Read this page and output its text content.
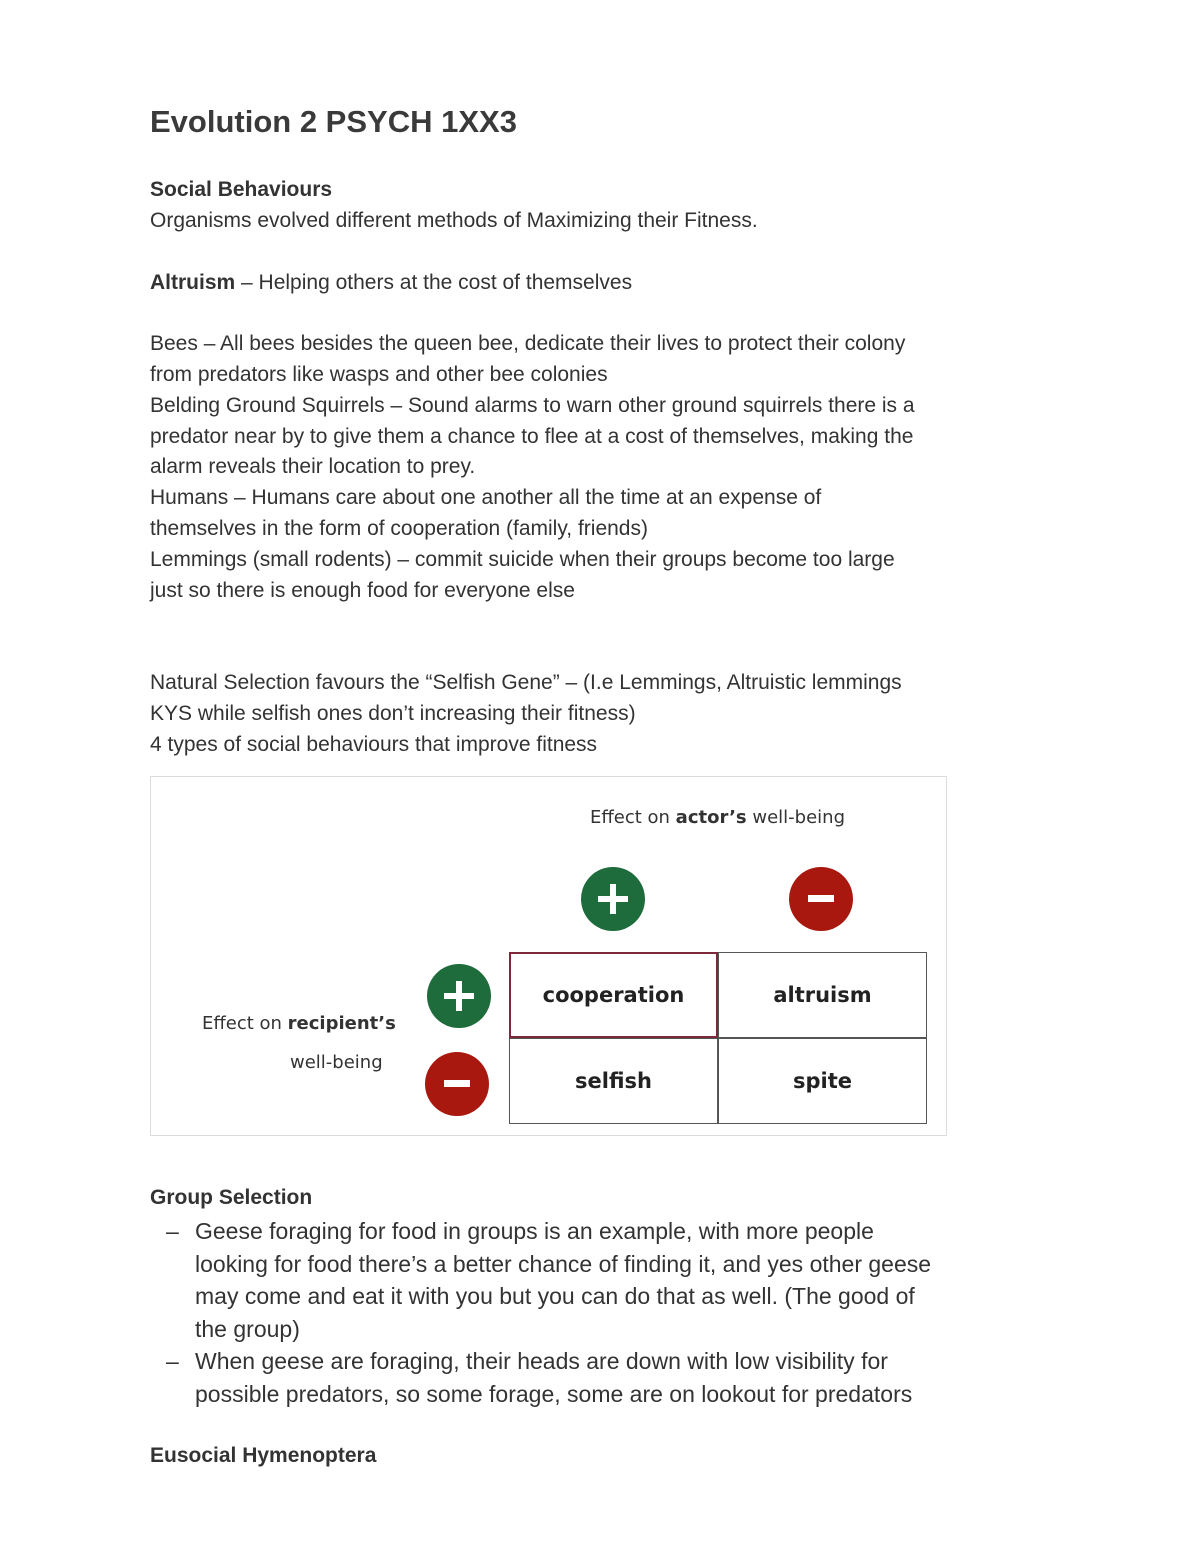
Evolution 2 PSYCH 1XX3
Social Behaviours
Organisms evolved different methods of Maximizing their Fitness.
Altruism – Helping others at the cost of themselves
Bees – All bees besides the queen bee, dedicate their lives to protect their colony
from predators like wasps and other bee colonies
Belding Ground Squirrels – Sound alarms to warn other ground squirrels there is a
predator near by to give them a chance to flee at a cost of themselves, making the
alarm reveals their location to prey.
Humans – Humans care about one another all the time at an expense of
themselves in the form of cooperation (family, friends)
Lemmings (small rodents) – commit suicide when their groups become too large
just so there is enough food for everyone else
Natural Selection favours the “Selfish Gene” – (I.e Lemmings, Altruistic lemmings
KYS while selfish ones don’t increasing their fitness)
4 types of social behaviours that improve fitness
Effect on actor’s well-being
Effect on recipient’s
well-being
altruism
selfish	spite
cooperation
Group Selection
– Geese foraging for food in groups is an example, with more people
looking for food there’s a better chance of finding it, and yes other geese
may come and eat it with you but you can do that as well. (The good of
the group)
– When geese are foraging, their heads are down with low visibility for
possible predators, so some forage, some are on lookout for predators
Eusocial Hymenoptera
